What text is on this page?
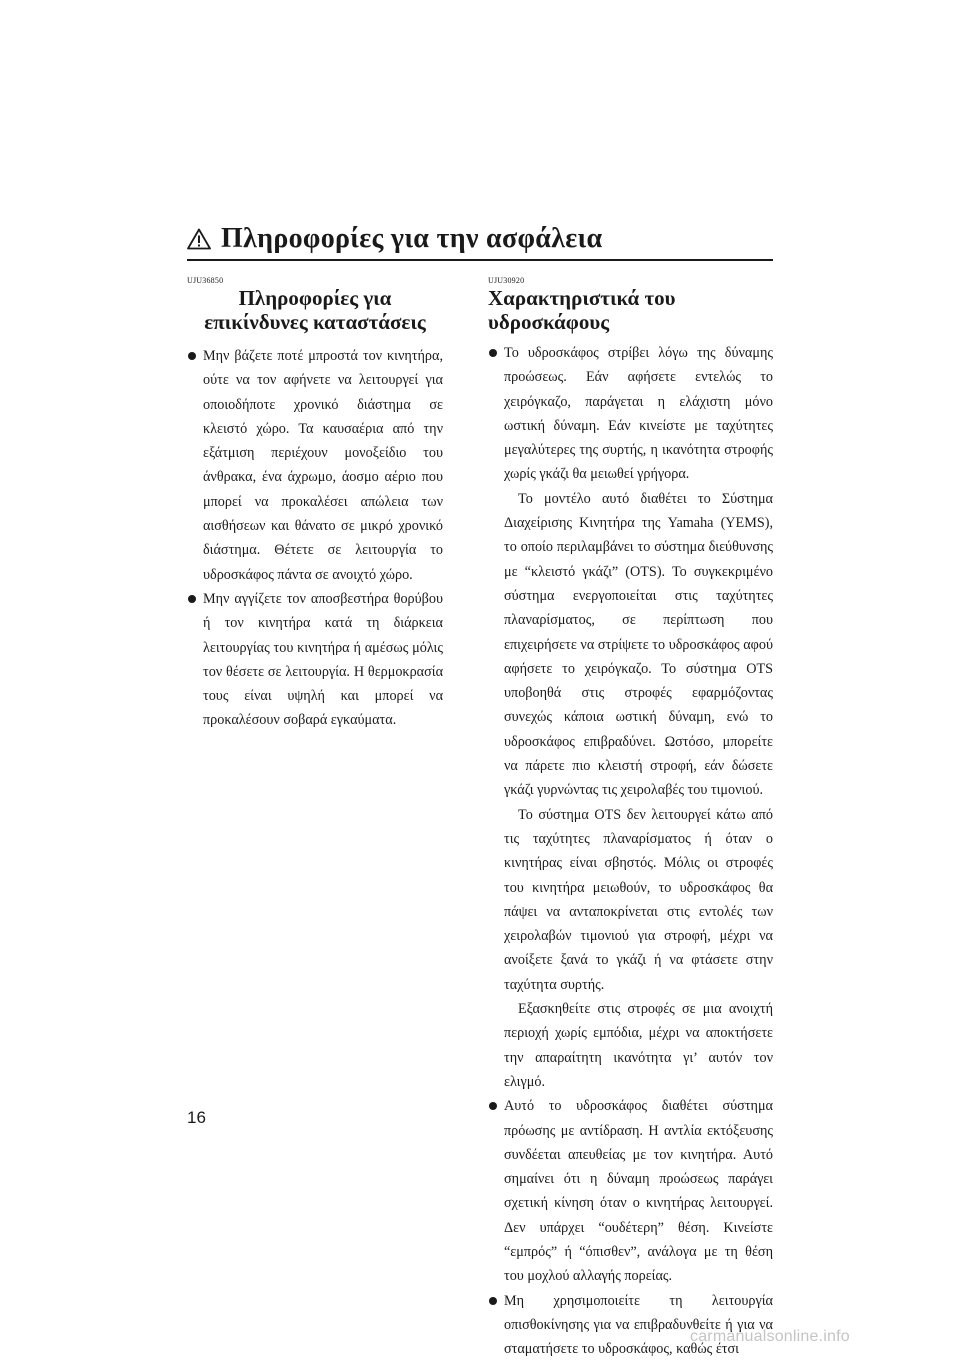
Πληροφορίες για την ασφάλεια
UJU36850
Πληροφορίες για επικίνδυνες καταστάσεις

Μην βάζετε ποτέ μπροστά τον κινητήρα, ούτε να τον αφήνετε να λειτουργεί για οποιοδήποτε χρονικό διάστημα σε κλειστό χώρο. Τα καυσαέρια από την εξάτμιση περιέχουν μονοξείδιο του άνθρακα, ένα άχρωμο, άοσμο αέριο που μπορεί να προκαλέσει απώλεια των αισθήσεων και θάνατο σε μικρό χρονικό διάστημα. Θέτετε σε λειτουργία το υδροσκάφος πάντα σε ανοιχτό χώρο.

Μην αγγίζετε τον αποσβεστήρα θορύβου ή τον κινητήρα κατά τη διάρκεια λειτουργίας του κινητήρα ή αμέσως μόλις τον θέσετε σε λειτουργία. Η θερμοκρασία τους είναι υψηλή και μπορεί να προκαλέσουν σοβαρά εγκαύματα.

UJU30920
Χαρακτηριστικά του υδροσκάφους

Το υδροσκάφος στρίβει λόγω της δύναμης προώσεως. Εάν αφήσετε εντελώς το χειρόγκαζο, παράγεται η ελάχιστη μόνο ωστική δύναμη. Εάν κινείστε με ταχύτητες μεγαλύτερες της συρτής, η ικανότητα στροφής χωρίς γκάζι θα μειωθεί γρήγορα.

Το μοντέλο αυτό διαθέτει το Σύστημα Διαχείρισης Κινητήρα της Yamaha (YEMS), το οποίο περιλαμβάνει το σύστημα διεύθυνσης με “κλειστό γκάζι” (OTS). Το συγκεκριμένο σύστημα ενεργοποιείται στις ταχύτητες πλαναρίσματος, σε περίπτωση που επιχειρήσετε να στρίψετε το υδροσκάφος αφού αφήσετε το χειρόγκαζο. Το σύστημα OTS υποβοηθά στις στροφές εφαρμόζοντας συνεχώς κάποια ωστική δύναμη, ενώ το υδροσκάφος επιβραδύνει. Ωστόσο, μπορείτε να πάρετε πιο κλειστή στροφή, εάν δώσετε γκάζι γυρνώντας τις χειρολαβές του τιμονιού.

Το σύστημα OTS δεν λειτουργεί κάτω από τις ταχύτητες πλαναρίσματος ή όταν ο κινητήρας είναι σβηστός. Μόλις οι στροφές του κινητήρα μειωθούν, το υδροσκάφος θα πάψει να ανταποκρίνεται στις εντολές των χειρολαβών τιμονιού για στροφή, μέχρι να ανοίξετε ξανά το γκάζι ή να φτάσετε στην ταχύτητα συρτής.

Εξασκηθείτε στις στροφές σε μια ανοιχτή περιοχή χωρίς εμπόδια, μέχρι να αποκτήσετε την απαραίτητη ικανότητα γι’ αυτόν τον ελιγμό.

Αυτό το υδροσκάφος διαθέτει σύστημα πρόωσης με αντίδραση. Η αντλία εκτόξευσης συνδέεται απευθείας με τον κινητήρα. Αυτό σημαίνει ότι η δύναμη προώσεως παράγει σχετική κίνηση όταν ο κινητήρας λειτουργεί. Δεν υπάρχει “ουδέτερη” θέση. Κινείστε “εμπρός” ή “όπισθεν”, ανάλογα με τη θέση του μοχλού αλλαγής πορείας.

Μη χρησιμοποιείτε τη λειτουργία οπισθοκίνησης για να επιβραδυνθείτε ή για να σταματήσετε το υδροσκάφος, καθώς έτσι

16
carmanualsonline.info
